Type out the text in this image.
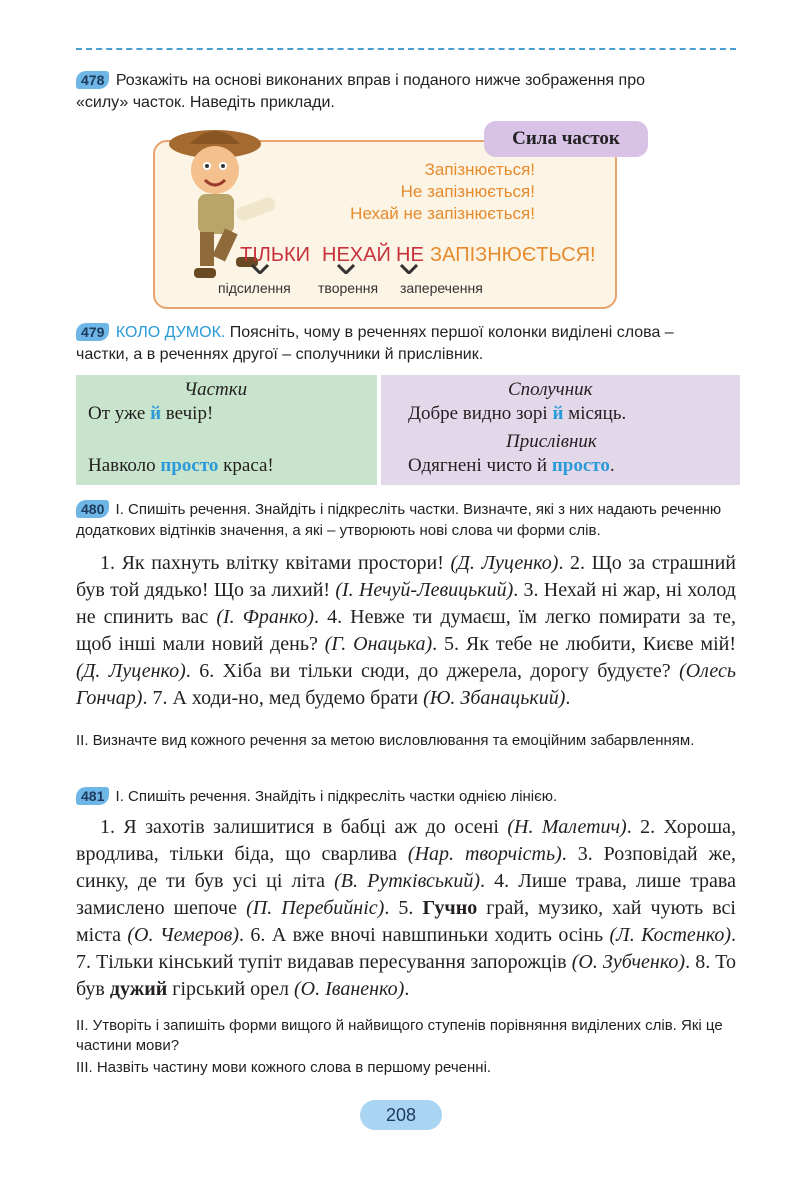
478 Розкажіть на основі виконаних вправ і поданого нижче зображення про
«силу» часток. Наведіть приклади.
Сила часток
Запізнюється!
Не запізнюється!
Нехай не запізнюється!
ТІЛЬКИ НЕХАЙ НЕ ЗАПІЗНЮЄТЬСЯ!
підсилення творення заперечення
479 КОЛО ДУМОК. Поясніть, чому в реченнях першої колонки виділені слова –
частки, а в реченнях другої – сполучники й прислівник.
Частки
От уже й вечір!
Навколо просто краса!
Сполучник
Добре видно зорі й місяць.
Прислівник
Одягнені чисто й просто.
480 І. Спишіть речення. Знайдіть і підкресліть частки. Визначте, які з них надають реченню додаткових відтінків значення, а які – утворюють нові слова чи форми слів.
1. Як пахнуть влітку квітами простори! (Д. Луценко). 2. Що за страшний був той дядько! Що за лихий! (І. Нечуй-Левицький). 3. Нехай ні жар, ні холод не спинить вас (І. Франко). 4. Невже ти думаєш, їм легко помирати за те, щоб інші мали новий день? (Г. Онацька). 5. Як тебе не любити, Києве мій! (Д. Луценко). 6. Хіба ви тільки сюди, до джерела, дорогу будуєте? (Олесь Гончар). 7. А ходи-но, мед будемо брати (Ю. Збанацький).
ІІ. Визначте вид кожного речення за метою висловлювання та емоційним забарвленням.
481 І. Спишіть речення. Знайдіть і підкресліть частки однією лінією.
1. Я захотів залишитися в бабці аж до осені (Н. Малетич). 2. Хороша, вродлива, тільки біда, що сварлива (Нар. творчість). 3. Розповідай же, синку, де ти був усі ці літа (В. Рутківський). 4. Лише трава, лише трава замислено шепоче (П. Перебийніс). 5. Гучно грай, музико, хай чують всі міста (О. Чемеров). 6. А вже вночі навшпиньки ходить осінь (Л. Костенко). 7. Тільки кінський тупіт видавав пересування запорожців (О. Зубченко). 8. То був дужий гірський орел (О. Іваненко).
ІІ. Утворіть і запишіть форми вищого й найвищого ступенів порівняння виділених слів. Які це частини мови?
ІІІ. Назвіть частину мови кожного слова в першому реченні.
208
